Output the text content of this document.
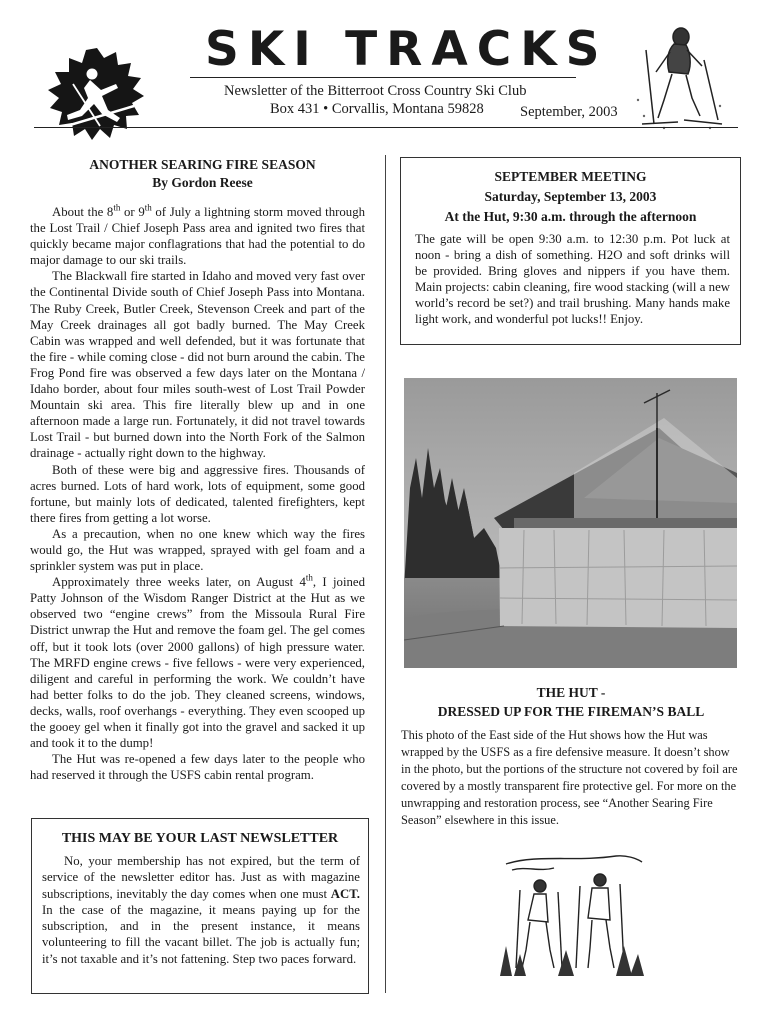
SKI TRACKS
Newsletter of the Bitterroot Cross Country Ski Club
Box 431 • Corvallis, Montana 59828	September, 2003
ANOTHER SEARING FIRE SEASON
By Gordon Reese

About the 8th or 9th of July a lightning storm moved through the Lost Trail / Chief Joseph Pass area and ignited two fires that quickly became major conflagrations that had the potential to do major damage to our ski trails.

The Blackwall fire started in Idaho and moved very fast over the Continental Divide south of Chief Joseph Pass into Montana. The Ruby Creek, Butler Creek, Stevenson Creek and part of the May Creek drainages all got badly burned. The May Creek Cabin was wrapped and well defended, but it was fortunate that the fire - while coming close - did not burn around the cabin. The Frog Pond fire was observed a few days later on the Montana / Idaho border, about four miles south-west of Lost Trail Powder Mountain ski area. This fire literally blew up and in one afternoon made a large run. Fortunately, it did not travel towards Lost Trail - but burned down into the North Fork of the Salmon drainage - actually right down to the highway.

Both of these were big and aggressive fires. Thousands of acres burned. Lots of hard work, lots of equipment, some good fortune, but mainly lots of dedicated, talented firefighters, kept there fires from getting a lot worse.

As a precaution, when no one knew which way the fires would go, the Hut was wrapped, sprayed with gel foam and a sprinkler system was put in place.

Approximately three weeks later, on August 4th, I joined Patty Johnson of the Wisdom Ranger District at the Hut as we observed two “engine crews” from the Missoula Rural Fire District unwrap the Hut and remove the foam gel. The gel comes off, but it took lots (over 2000 gallons) of high pressure water. The MRFD engine crews - five fellows - were very experienced, diligent and careful in performing the work. We couldn’t have had better folks to do the job. They cleaned screens, windows, decks, walls, roof overhangs - everything. They even scooped up the gooey gel when it finally got into the gravel and sacked it up and took it to the dump!

The Hut was re-opened a few days later to the people who had reserved it through the USFS cabin rental program.

THIS MAY BE YOUR LAST NEWSLETTER

No, your membership has not expired, but the term of service of the newsletter editor has. Just as with magazine subscriptions, inevitably the day comes when one must ACT. In the case of the magazine, it means paying up for the subscription, and in the present instance, it means volunteering to fill the vacant billet. The job is actually fun; it’s not taxable and it’s not fattening. Step two paces forward.

SEPTEMBER MEETING
Saturday, September 13, 2003
At the Hut, 9:30 a.m. through the afternoon
The gate will be open 9:30 a.m. to 12:30 p.m. Pot luck at noon - bring a dish of something. H2O and soft drinks will be provided. Bring gloves and nippers if you have them. Main projects: cabin cleaning, fire wood stacking (will a new world’s record be set?) and trail brushing. Many hands make light work, and wonderful pot lucks!! Enjoy.
THE HUT -
DRESSED UP FOR THE FIREMAN’S BALL
This photo of the East side of the Hut shows how the Hut was wrapped by the USFS as a fire defensive measure. It doesn’t show in the photo, but the portions of the structure not covered by foil are covered by a mostly transparent fire protective gel. For more on the unwrapping and restoration process, see “Another Searing Fire Season” elsewhere in this issue.
